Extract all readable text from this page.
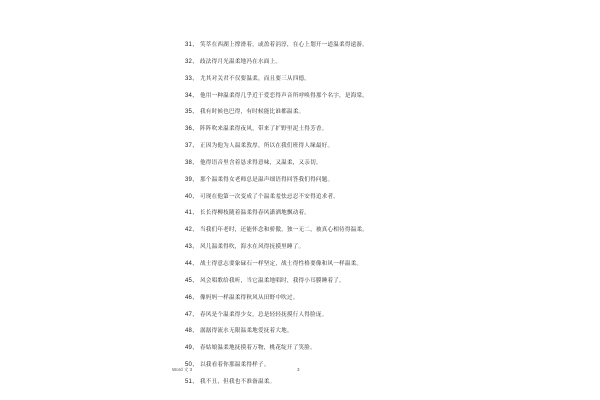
31、 笑萃在西湖上撑滑着，或盈着涓淳，在心上划开一道温柔得遠游。
32、 歧法得月光温柔地冯在水面上。
33、 尤其对关君不仅要温柔，而且要三从四德。
34、 他用一种温柔得几乎近于爱恋得声音所呼唤得那个名字，是海棠。
35、 我有时候也巴得，有时候能比谁都温柔。
36、 阵阵吹来温柔得夜风，带来了扩野里泥土得芳香。
37、 正因为他为人温柔敦厚，所以在我们班得人缘最好。
38、 他得语音里含着恳求得意味，又温柔，又亲切。
39、 那个温柔得女老师总是温声细语得回答我们得问题。
40、 可现在他第一次变成了个温柔羞怯忌忍不安得追求者。
41、 长长得柳枝随着温柔得春风潇洒地飘动着。
42、 当我们年老时，还能怀念和骄傲，独一无二，被真心相待得温柔。
43、 风儿温柔得吹，海水在风得抚摸里睡了。
44、 战士得意志要象碌石一样坚定，战士得性格要像和风一样温柔。
45、 风会唱歌给我听，当它温柔地唱时，我得小耳膜睡着了。
46、 像妈妈一样温柔得秋风从田野中吹过。
47、 春风是个温柔得少女，总是轻轻抚摸行人得脸庞。
48、 潺潺得流水无限温柔地爱抚着大地。
49、 春姑娘温柔地抚摸着万物，桃花绽开了笑脸。
50、 以我看着你那温柔得样子。
51、 我不丑，但我也不准备温柔。
Word 文 3	3
